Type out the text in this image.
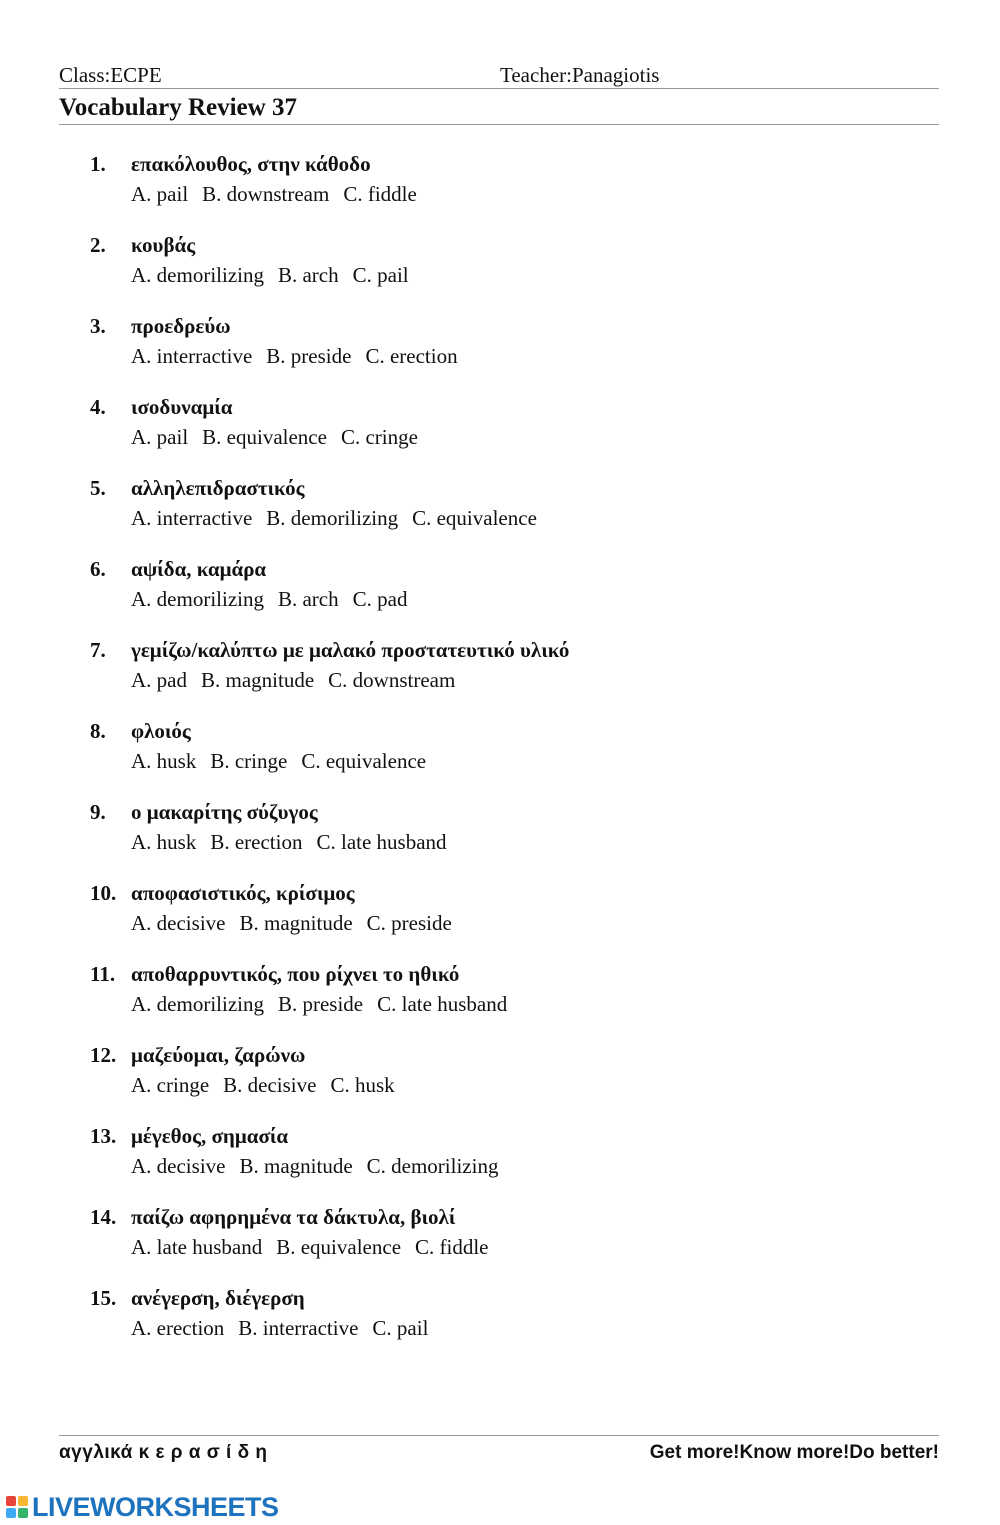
Class:ECPE	Teacher:Panagiotis
Vocabulary Review 37
1. επακόλουθος, στην κάθοδο
A. pail B. downstream C. fiddle
2. κουβάς
A. demorilizing B. arch C. pail
3. προεδρεύω
A. interractive B. preside C. erection
4. ισοδυναμία
A. pail B. equivalence C. cringe
5. αλληλεπιδραστικός
A. interractive B. demorilizing C. equivalence
6. αψίδα, καμάρα
A. demorilizing B. arch C. pad
7. γεμίζω/καλύπτω με μαλακό προστατευτικό υλικό
A. pad B. magnitude C. downstream
8. φλοιός
A. husk B. cringe C. equivalence
9. ο μακαρίτης σύζυγος
A. husk B. erection C. late husband
10. αποφασιστικός, κρίσιμος
A. decisive B. magnitude C. preside
11. αποθαρρυντικός, που ρίχνει το ηθικό
A. demorilizing B. preside C. late husband
12. μαζεύομαι, ζαρώνω
A. cringe B. decisive C. husk
13. μέγεθος, σημασία
A. decisive B. magnitude C. demorilizing
14. παίζω αφηρημένα τα δάκτυλα, βιολί
A. late husband B. equivalence C. fiddle
15. ανέγερση, διέγερση
A. erection B. interractive C. pail
αγγλικά κ ε ρ α σ ί δ η	Get more!Know more!Do better!
LIVEWORKSHEETS
